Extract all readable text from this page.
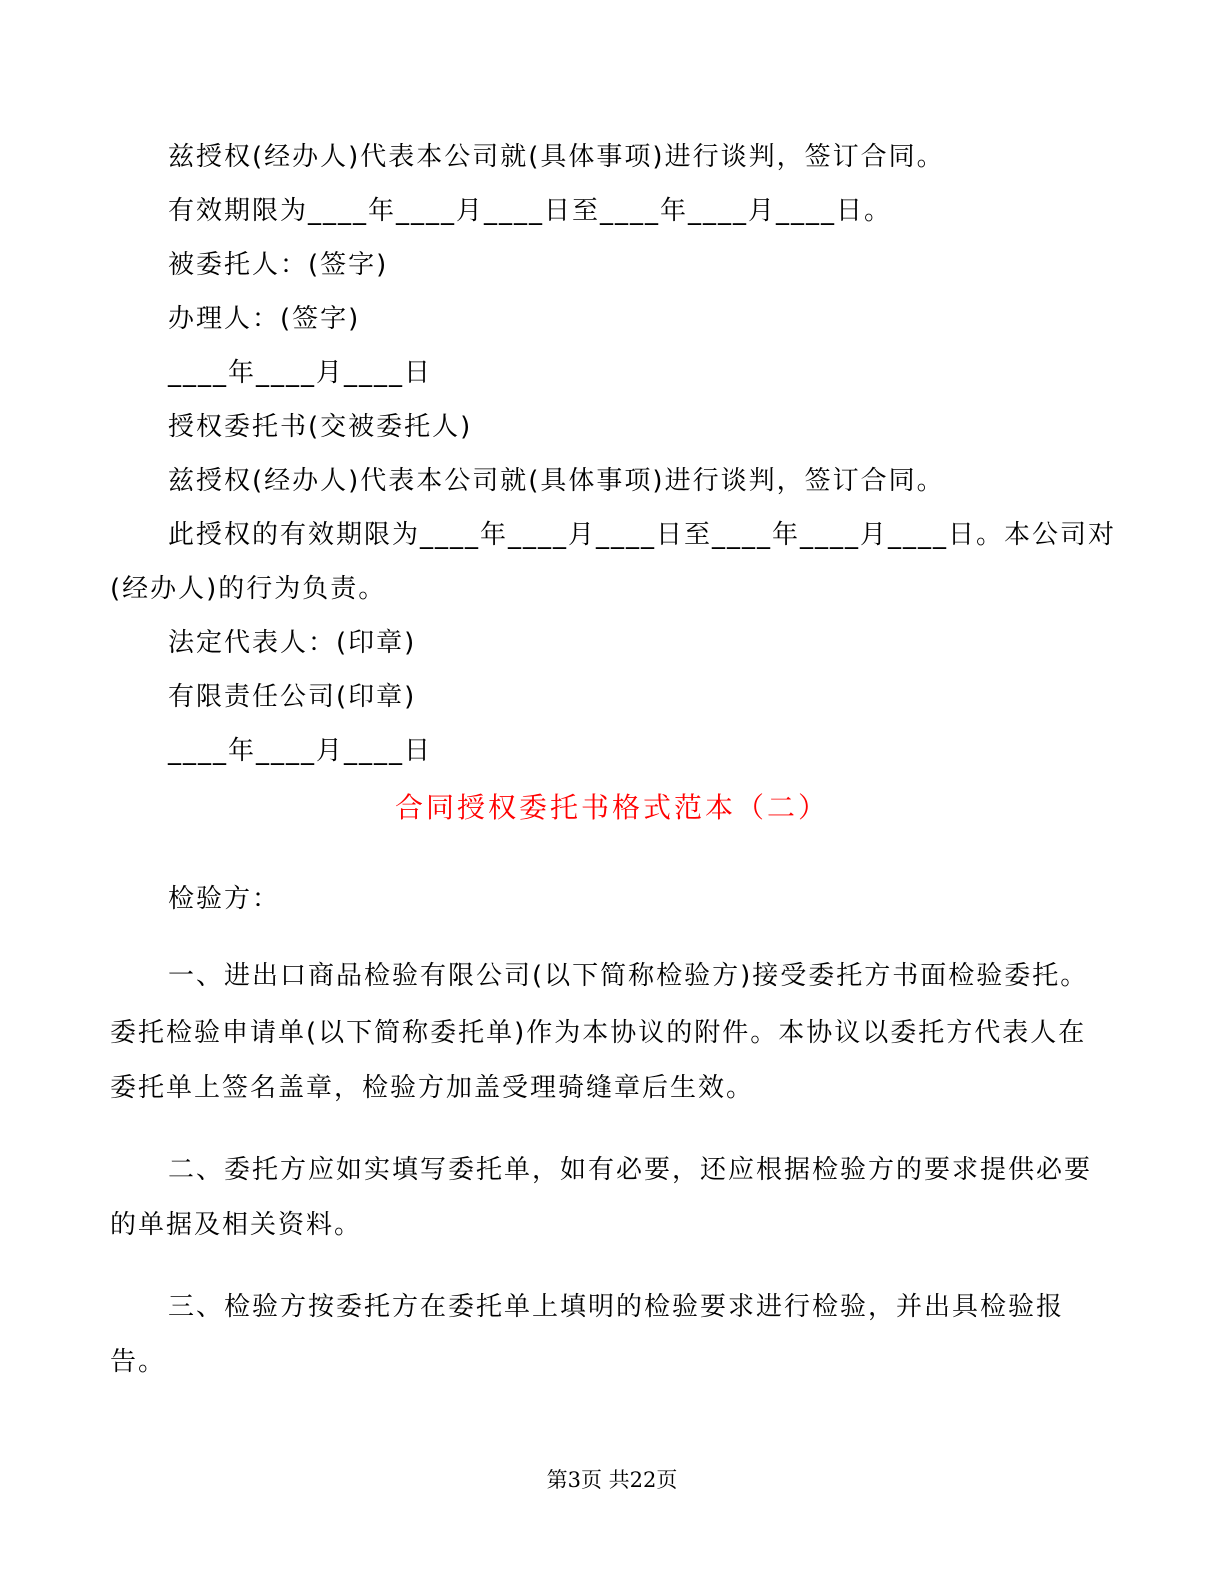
兹授权(经办人)代表本公司就(具体事项)进行谈判，签订合同。
有效期限为____年____月____日至____年____月____日。
被委托人：(签字)
办理人：(签字)
____年____月____日
授权委托书(交被委托人)
兹授权(经办人)代表本公司就(具体事项)进行谈判，签订合同。
此授权的有效期限为____年____月____日至____年____月____日。本公司对
(经办人)的行为负责。
法定代表人：(印章)
有限责任公司(印章)
____年____月____日
合同授权委托书格式范本（二）
检验方：
一、进出口商品检验有限公司(以下简称检验方)接受委托方书面检验委托。
委托检验申请单(以下简称委托单)作为本协议的附件。本协议以委托方代表人在
委托单上签名盖章，检验方加盖受理骑缝章后生效。
二、委托方应如实填写委托单，如有必要，还应根据检验方的要求提供必要
的单据及相关资料。
三、检验方按委托方在委托单上填明的检验要求进行检验，并出具检验报
告。
第3页 共22页
